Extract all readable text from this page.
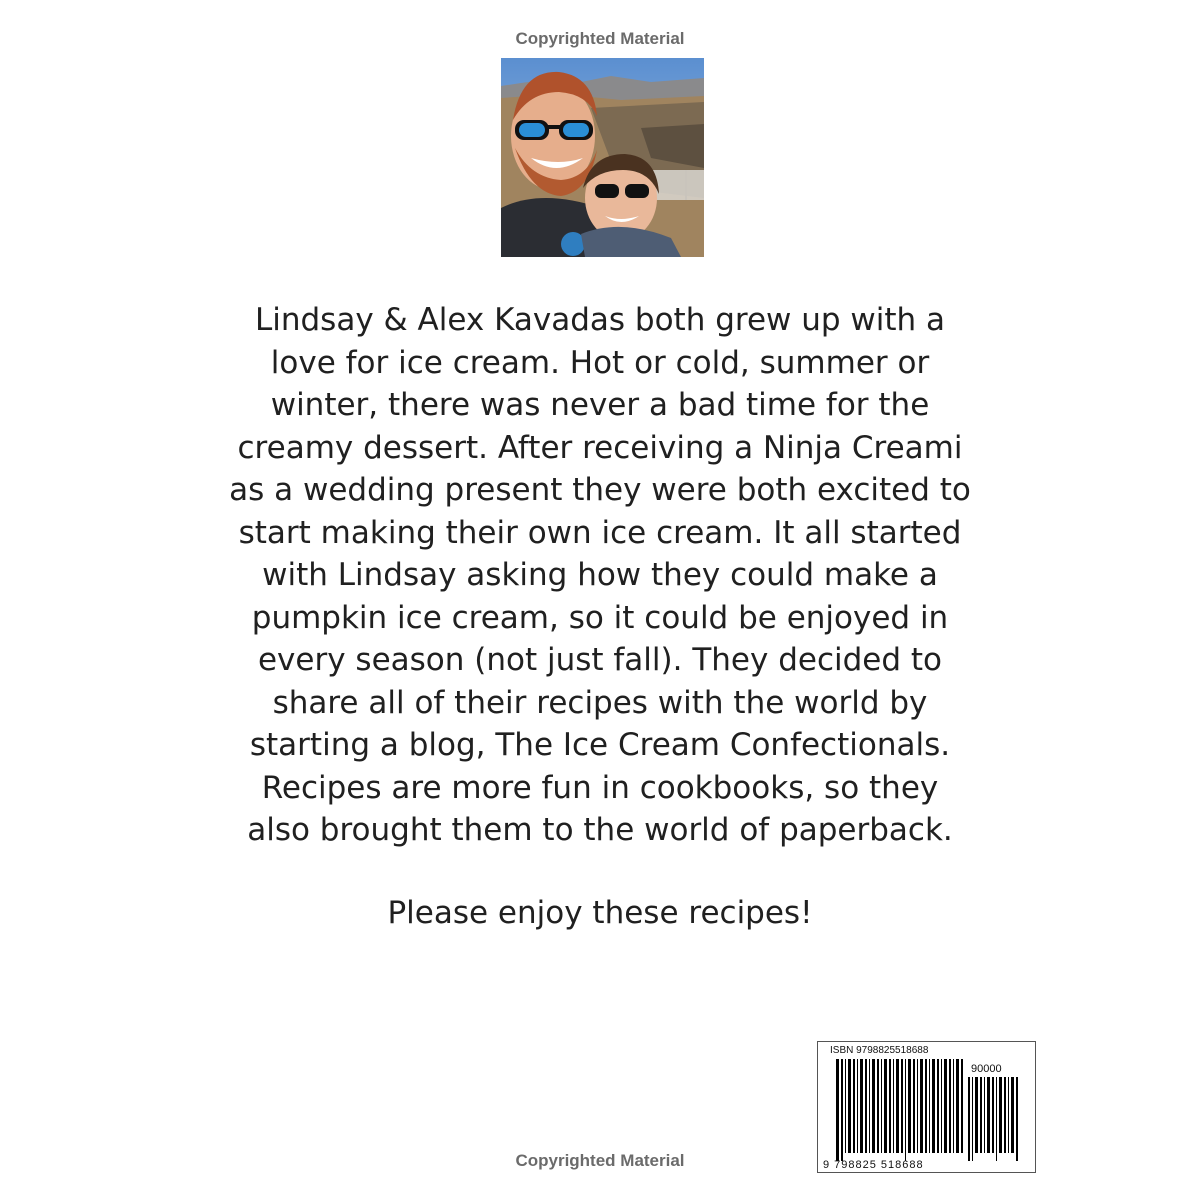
Copyrighted Material
Lindsay & Alex Kavadas both grew up with a
love for ice cream. Hot or cold, summer or
winter, there was never a bad time for the
creamy dessert. After receiving a Ninja Creami
as a wedding present they were both excited to
start making their own ice cream. It all started
with Lindsay asking how they could make a
pumpkin ice cream, so it could be enjoyed in
every season (not just fall). They decided to
share all of their recipes with the world by
starting a blog, The Ice Cream Confectionals.
Recipes are more fun in cookbooks, so they
also brought them to the world of paperback.
Please enjoy these recipes!
ISBN 9798825518688
90000
9 798825 518688
Copyrighted Material
